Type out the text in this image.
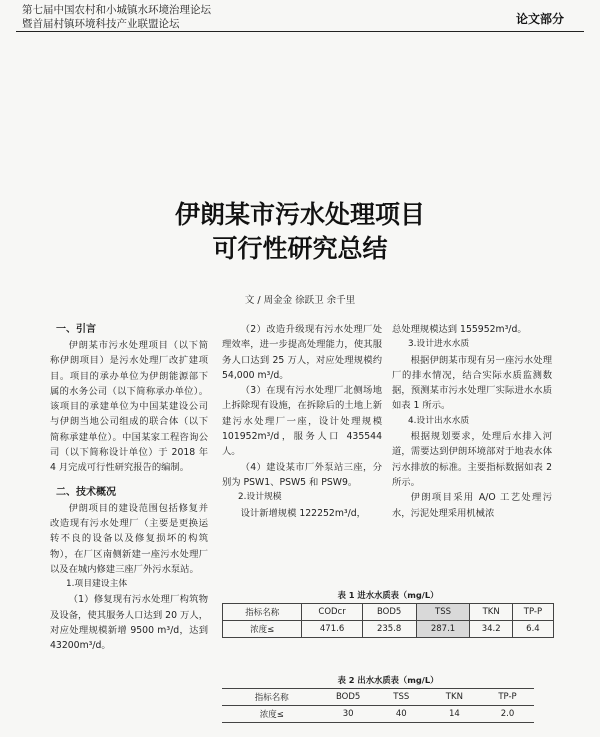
第七届中国农村和小城镇水环境治理论坛
暨首届村镇环境科技产业联盟论坛	论文部分
伊朗某市污水处理项目
可行性研究总结
文 / 周金金 徐跃卫 余千里
一、引言

伊朗某市污水处理项目（以下简称伊朗项目）是污水处理厂改扩建项目。项目的承办单位为伊朗能源部下属的水务公司（以下简称承办单位）。该项目的承建单位为中国某建设公司与伊朗当地公司组成的联合体（以下简称承建单位）。中国某家工程咨询公司（以下简称设计单位）于 2018 年 4 月完成可行性研究报告的编制。

二、技术概况

伊朗项目的建设范围包括修复并改造现有污水处理厂（主要是更换运转不良的设备以及修复损坏的构筑物），在厂区南侧新建一座污水处理厂以及在城内修建三座厂外污水泵站。

1.项目建设主体

（1）修复现有污水处理厂构筑物及设备，使其服务人口达到 20 万人，对应处理规模新增 9500 m³/d，达到 43200m³/d。

（2）改造升级现有污水处理厂处理效率，进一步提高处理能力，使其服务人口达到 25 万人，对应处理规模约 54,000 m³/d。

（3）在现有污水处理厂北侧场地上拆除现有设施，在拆除后的土地上新建污水处理厂一座，设计处理规模 101952m³/d，服务人口 435544 人。

（4）建设某市厂外泵站三座，分别为 PSW1、PSW5 和 PSW9。

2.设计规模

设计新增规模 122252m³/d，

总处理规模达到 155952m³/d。

3.设计进水水质

根据伊朗某市现有另一座污水处理厂的排水情况，结合实际水质监测数据，预测某市污水处理厂实际进水水质如表 1 所示。

4.设计出水水质

根据规划要求，处理后水排入河道，需要达到伊朗环境部对于地表水体污水排放的标准。主要指标数据如表 2 所示。

伊朗项目采用 A/O 工艺处理污水，污泥处理采用机械浓

表 1 进水水质表（mg/L）
指标名称	CODcr	BOD5	TSS	TKN	TP-P
浓度≤	471.6	235.8	287.1	34.2	6.4
表 2 出水水质表（mg/L）
指标名称	BOD5	TSS	TKN	TP-P	
浓度≤	30	40	14	2.0	
